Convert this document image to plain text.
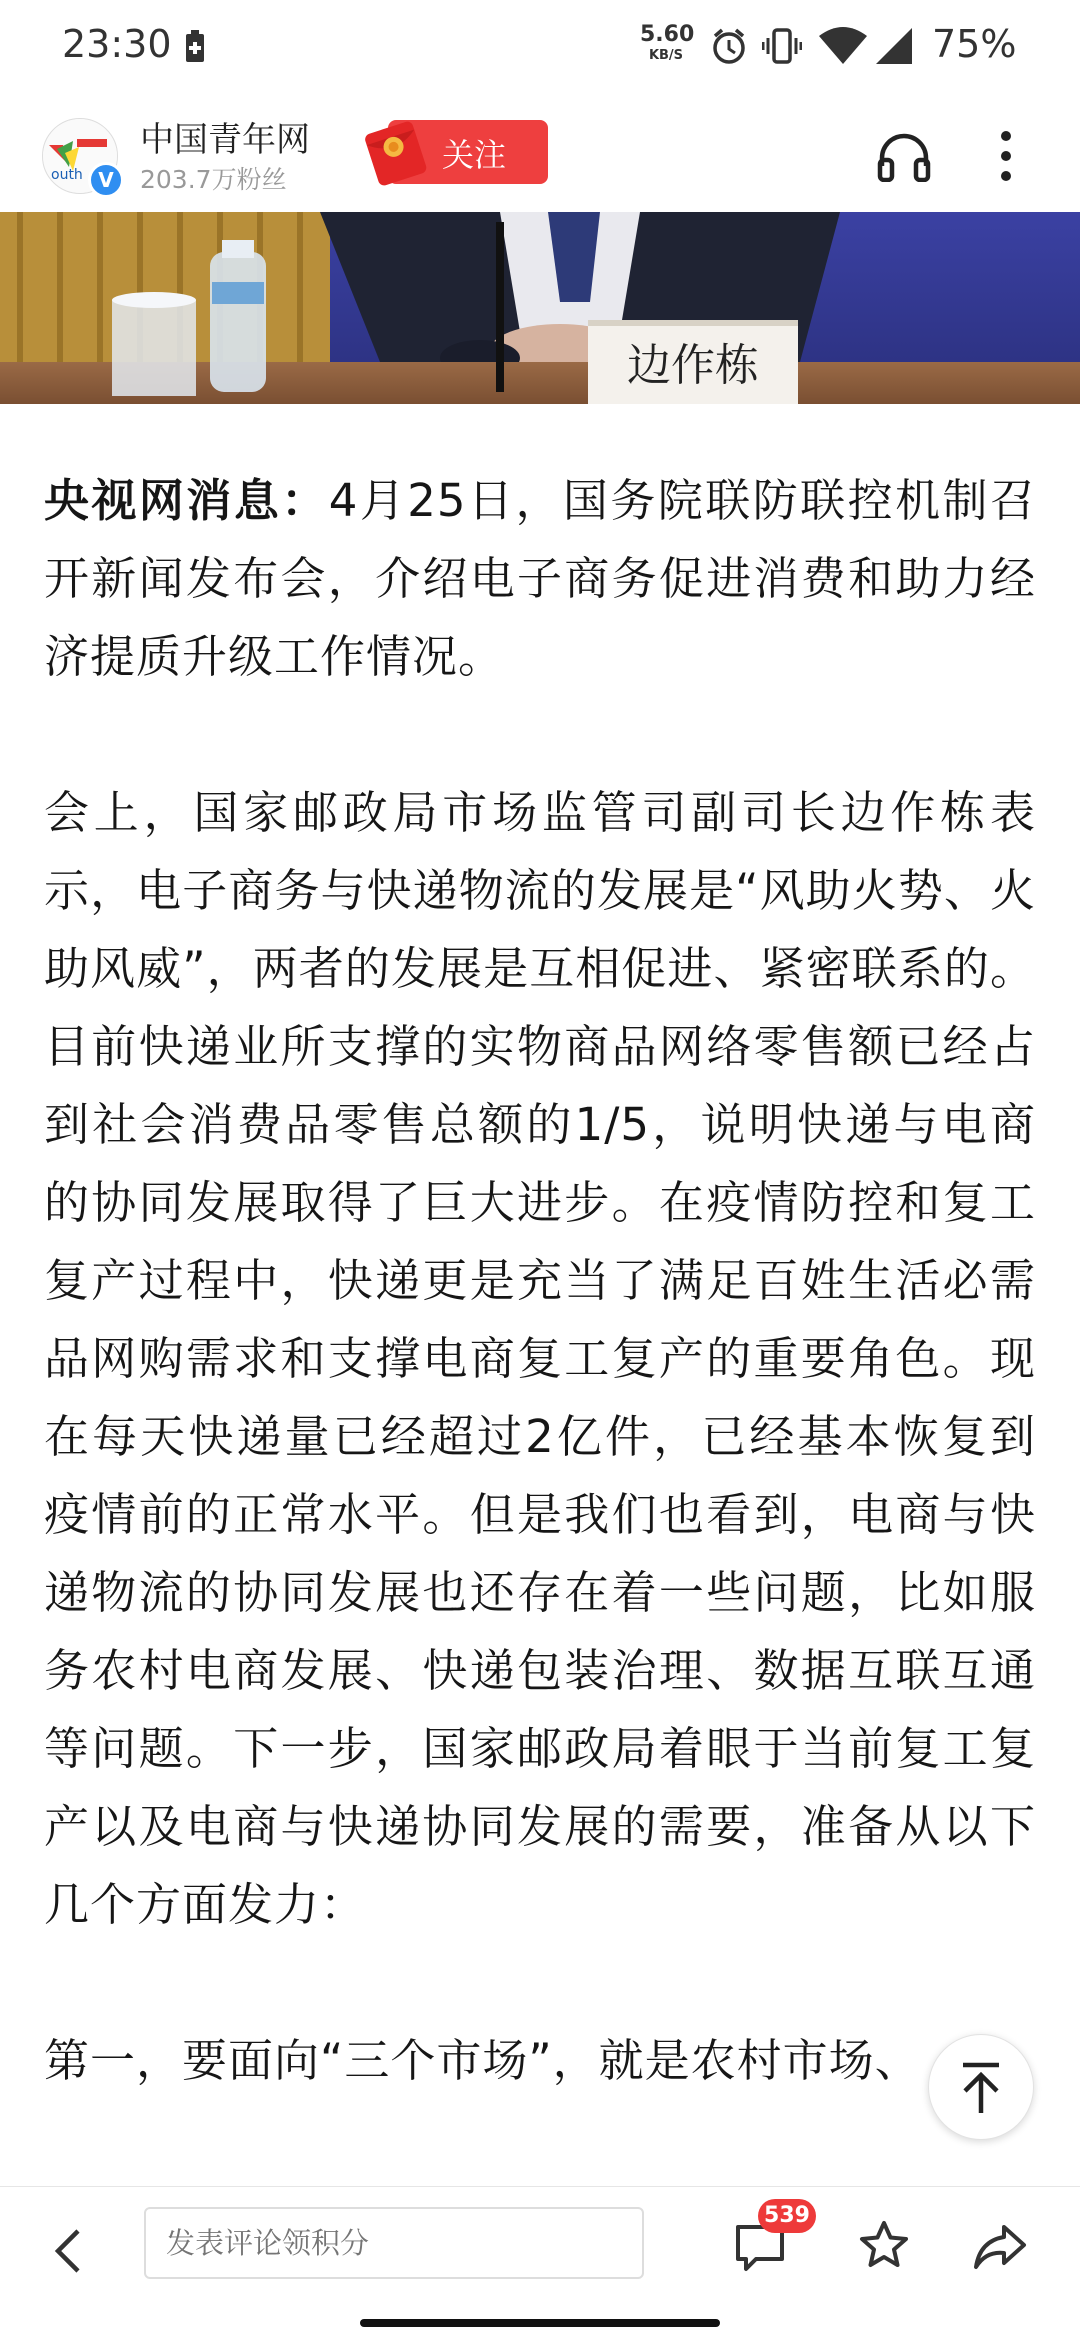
23:30	5.60
KB/S	75%
outh V
中国青年网
203.7万粉丝
关注
边作栋

央视网消息：4月25日，国务院联防联控机制召开新闻发布会，介绍电子商务促进消费和助力经济提质升级工作情况。

会上，国家邮政局市场监管司副司长边作栋表示，电子商务与快递物流的发展是“风助火势、火助风威”，两者的发展是互相促进、紧密联系的。目前快递业所支撑的实物商品网络零售额已经占到社会消费品零售总额的1/5，说明快递与电商的协同发展取得了巨大进步。在疫情防控和复工复产过程中，快递更是充当了满足百姓生活必需品网购需求和支撑电商复工复产的重要角色。现在每天快递量已经超过2亿件，已经基本恢复到疫情前的正常水平。但是我们也看到，电商与快递物流的协同发展也还存在着一些问题，比如服务农村电商发展、快递包装治理、数据互联互通等问题。下一步，国家邮政局着眼于当前复工复产以及电商与快递协同发展的需要，准备从以下几个方面发力：

第一，要面向“三个市场”，就是农村市场、

发表评论领积分
539
